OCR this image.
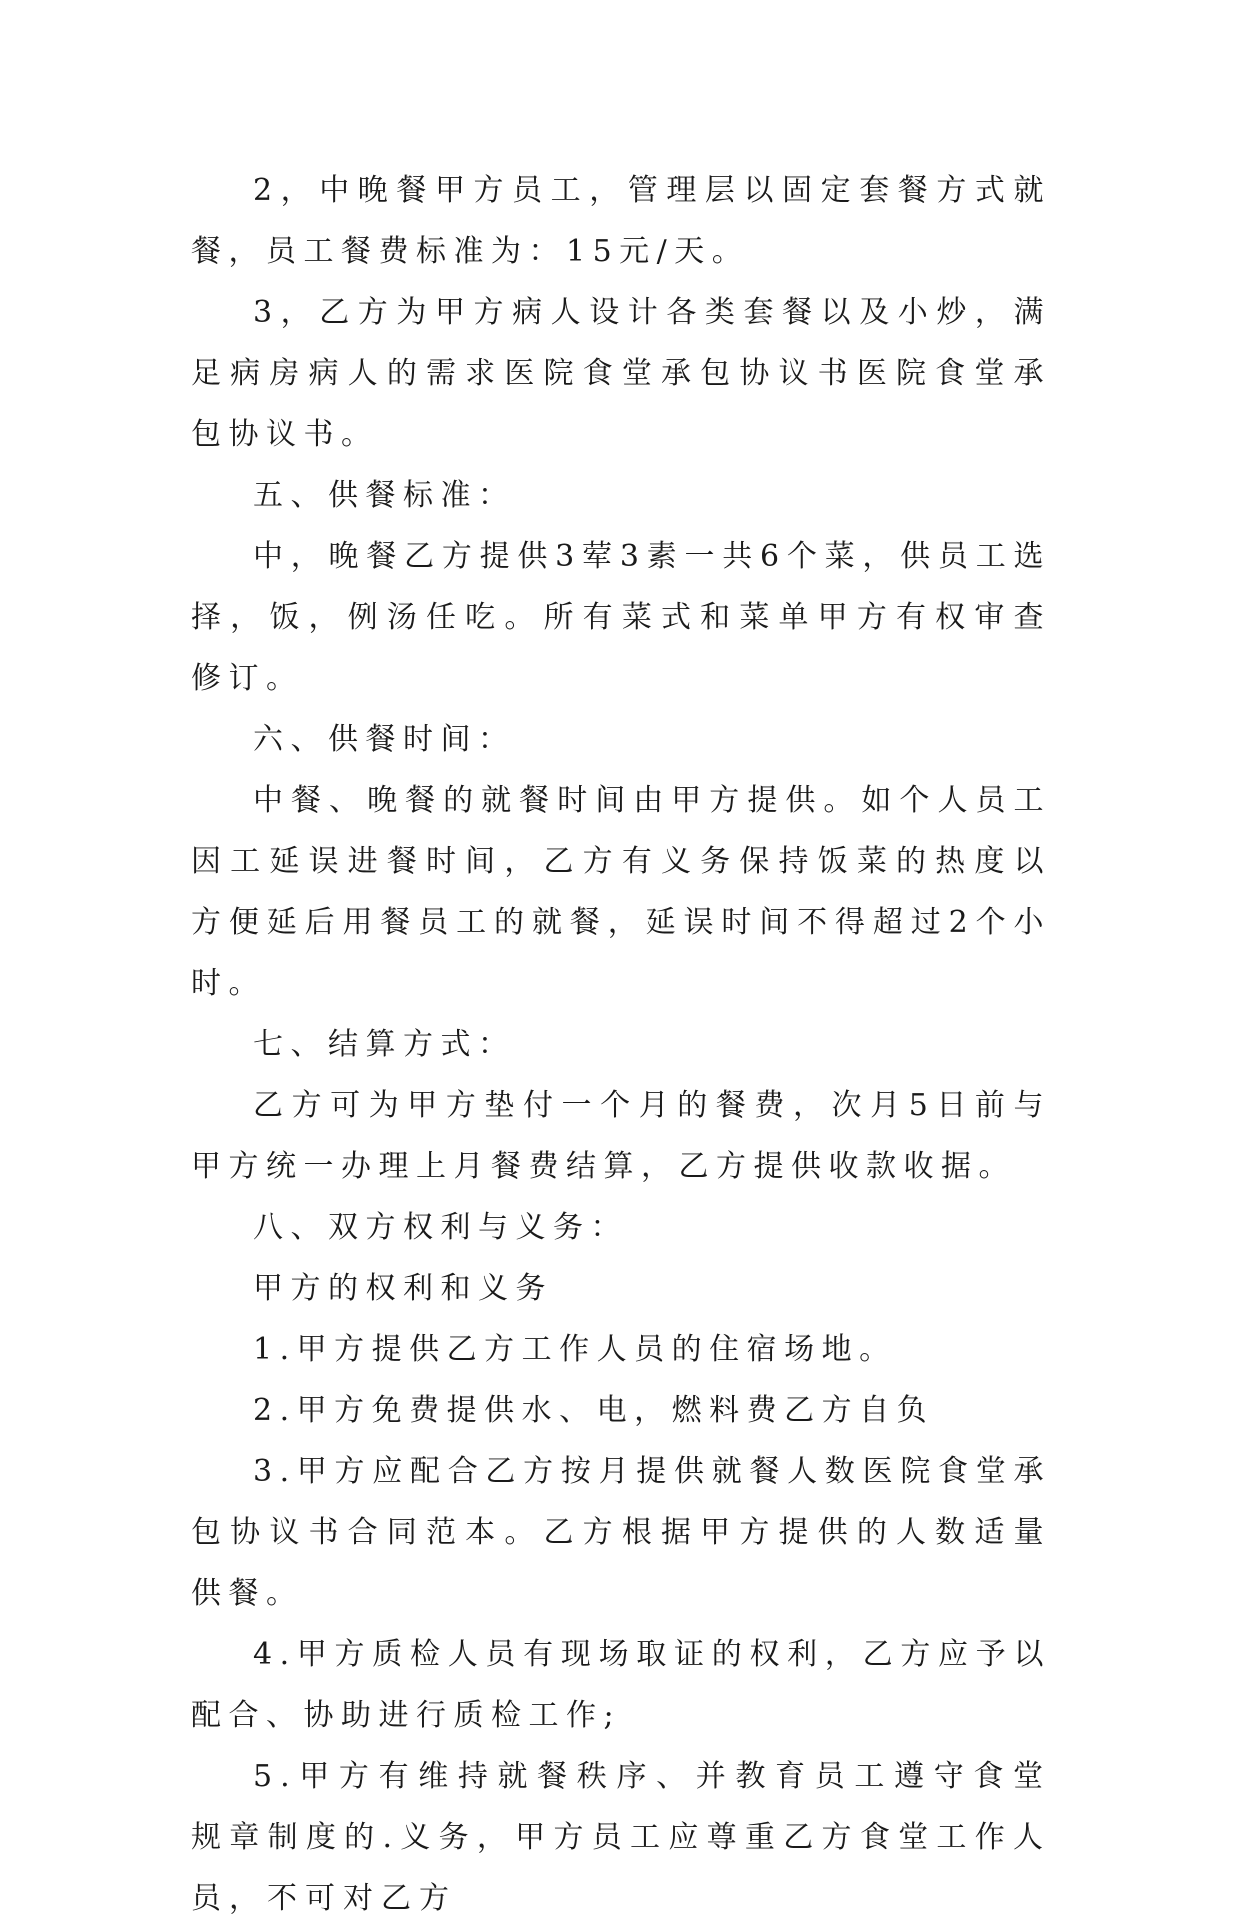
2，中晚餐甲方员工，管理层以固定套餐方式就餐，员工餐费标准为：15元/天。

3，乙方为甲方病人设计各类套餐以及小炒，满足病房病人的需求医院食堂承包协议书医院食堂承包协议书。

五、供餐标准：

中，晚餐乙方提供3荤3素一共6个菜，供员工选择，饭，例汤任吃。所有菜式和菜单甲方有权审查修订。

六、供餐时间：

中餐、晚餐的就餐时间由甲方提供。如个人员工因工延误进餐时间，乙方有义务保持饭菜的热度以方便延后用餐员工的就餐，延误时间不得超过2个小时。

七、结算方式：

乙方可为甲方垫付一个月的餐费，次月5日前与甲方统一办理上月餐费结算，乙方提供收款收据。

八、双方权利与义务：

甲方的权利和义务

1.甲方提供乙方工作人员的住宿场地。

2.甲方免费提供水、电，燃料费乙方自负

3.甲方应配合乙方按月提供就餐人数医院食堂承包协议书合同范本。乙方根据甲方提供的人数适量供餐。

4.甲方质检人员有现场取证的权利，乙方应予以配合、协助进行质检工作;

5.甲方有维持就餐秩序、并教育员工遵守食堂规章制度的.义务，甲方员工应尊重乙方食堂工作人员，不可对乙方
